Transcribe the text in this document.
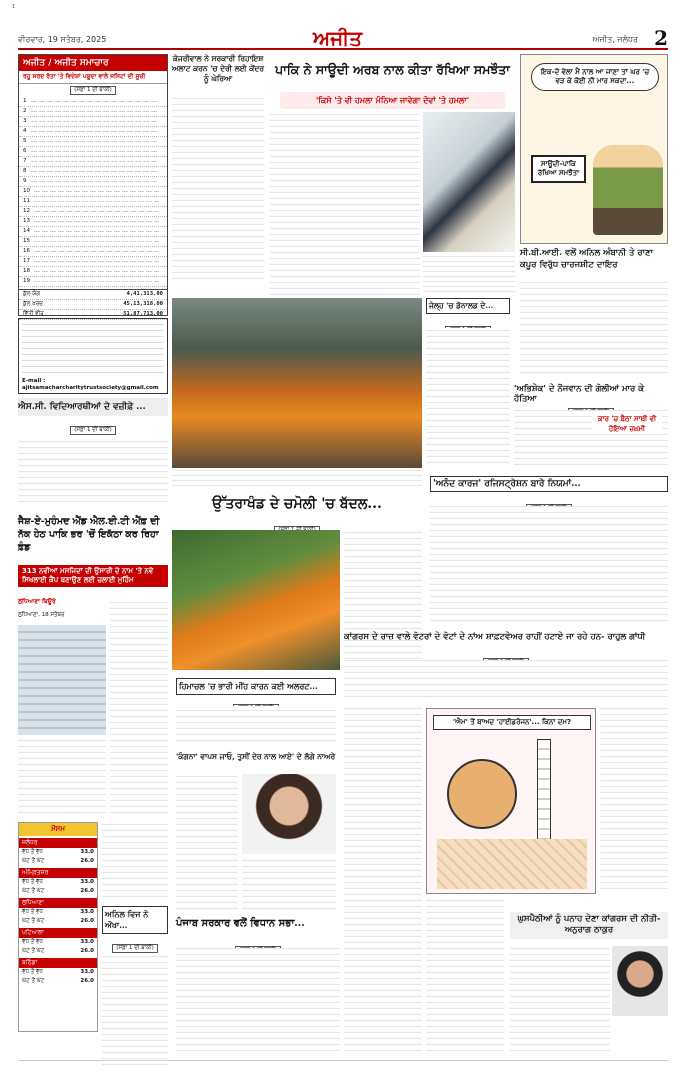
I
ਵੀਰਵਾਰ, 19 ਸਤੰਬਰ, 2025	ਅਜੀਤ	ਅਜੀਤ, ਜਲੰਧਰ 2
ਅਜੀਤ / ਅਜੀਤ ਸਮਾਚਾਰ
ਰਹੂ ਸਰਦ ਰੱਤਾ 'ਤੇ ਵਿਦੇਸ਼ਾਂ ਪਸ਼ੂਦਾ ਵਾਲੇ ਜਸਿਟਾਂ ਦੀ ਸੂਚੀ
(ਸਫ਼ਾ 1 ਦੀ ਬਾਕੀ)
1
2
3
4
5
6
7
8
9
10
11
12
13
14
15
16
17
18
19
ਕੁੱਲ ਯੋਗ	4,41,313.00
ਕੁੱਲ ਖ਼ਰਚ	45,13,318.00
ਵਿੱਤੀ ਵੀਰ	51,87,713.00
E-mail : ajitsamacharcharitytrustsociety@gmail.com
ਐਸ.ਸੀ. ਵਿਦਿਆਰਥੀਆਂ ਦੇ ਵਜ਼ੀਫ਼ੇ ...
(ਸਫ਼ਾ 1 ਦੀ ਬਾਕੀ)
ਜੈਸ਼-ਏ-ਮੁਹੰਮਦ ਐਂਡ ਐਲ.ਈ.ਟੀ ਐਂਫ਼ ਦੀ ਨੱਕ ਹੇਠ ਪਾਕਿ ਭਰ 'ਚੋਂ ਇਕੱਠਾ ਕਰ ਰਿਹਾ ਫ਼ੰਡ
313 ਨਵੀਆਂ ਮਸਜਿਦਾਂ ਦੀ ਉਸਾਰੀ ਦੇ ਨਾਮ 'ਤੇ ਨਵੇਂ ਸਿਖਲਾਈ ਕੈਂਪ ਬਣਾਉਣ ਲਈ ਚਲਾਈ ਮੁਹਿੰਮ
ਲੁਧਿਆਣਾ ਬਿਊਰੋ
ਲੁਧਿਆਣਾ, 18 ਸਤੰਬਰ
ਮੌਸਮ
ਜਲੰਧਰ
ਵੱਧ ਤੋਂ ਵੱਧ	33.0
ਘੱਟ ਤੋਂ ਘੱਟ	26.0
ਅੰਮ੍ਰਿਤਸਰ
ਵੱਧ ਤੋਂ ਵੱਧ	33.0
ਘੱਟ ਤੋਂ ਘੱਟ	26.0
ਲੁਧਿਆਣਾ
ਵੱਧ ਤੋਂ ਵੱਧ	33.0
ਘੱਟ ਤੋਂ ਘੱਟ	26.0
ਪਟਿਆਲਾ
ਵੱਧ ਤੋਂ ਵੱਧ	33.0
ਘੱਟ ਤੋਂ ਘੱਟ	26.0
ਬਠਿੰਡਾ
ਵੱਧ ਤੋਂ ਵੱਧ	33.0
ਘੱਟ ਤੋਂ ਘੱਟ	26.0
ਅਨਿਲ ਵਿਜ ਨੇ ਔਖਾ...
(ਸਫ਼ਾ 1 ਦੀ ਬਾਕੀ)
ਕੇਜਰੀਵਾਲ ਨੇ ਸਰਕਾਰੀ ਰਿਹਾਇਸ਼ ਅਲਾਟ ਕਰਨ 'ਚ ਦੇਰੀ ਲਈ ਕੇਂਦਰ ਨੂੰ ਘੇਰਿਆ
ਪਾਕਿ ਨੇ ਸਾਊਦੀ ਅਰਬ ਨਾਲ ਕੀਤਾ ਰੱਖਿਆ ਸਮਝੌਤਾ
'ਕਿਸੇ 'ਤੇ ਵੀ ਹਮਲਾ ਮੰਨਿਆ ਜਾਵੇਗਾ ਦੋਵਾਂ 'ਤੇ ਹਮਲਾ'
ਉੱਤਰਾਖੰਡ ਦੇ ਚਮੋਲੀ 'ਚ ਬੱਦਲ...
ਜੇਲ੍ਹ 'ਚ ਡੋਨਾਲਡ ਦੇ...
ਇਕ-ਦੋ ਵੇਲਾ ਮੈਂ ਨਾਲ ਆ ਜਾਣਾ ਤਾਂ ਘਰ 'ਚ ਵੜ ਕੇ ਕੋਈ ਨੀ ਮਾਰ ਸਕਦਾ...
ਸਾਊਦੀ-ਪਾਕਿ ਰੱਖਿਆ ਸਮਝੌਤਾ
ਸੀ.ਬੀ.ਆਈ. ਵਲੋਂ ਅਨਿਲ ਅੰਬਾਨੀ ਤੇ ਰਾਣਾ ਕਪੂਰ ਵਿਰੁੱਧ ਚਾਰਜਸ਼ੀਟ ਦਾਇਰ
'ਅਭਿਸ਼ੇਕ' ਦੇ ਨੌਜਵਾਨ ਦੀ ਗੋਲੀਆਂ ਮਾਰ ਕੇ ਹੱਤਿਆ
ਕਾਰ 'ਚ ਬੈਠਾ ਸਾਥੀ ਵੀ ਹੋਇਆ ਜ਼ਖ਼ਮੀ
'ਅਨੰਦ ਕਾਰਜ' ਰਜਿਸਟ੍ਰੇਸ਼ਨ ਬਾਰੇ ਨਿਯਮਾਂ...
ਕਾਂਗਰਸ ਦੇ ਰਾਜ਼ ਵਾਲੇ ਵੋਟਰਾਂ ਦੇ ਵੋਟਾਂ ਦੇ ਨਾਂਅ ਸਾਫ਼ਟਵੇਅਰ ਰਾਹੀਂ ਹਟਾਏ ਜਾ ਰਹੇ ਹਨ- ਰਾਹੁਲ ਗਾਂਧੀ
ਹਿਮਾਚਲ 'ਚ ਭਾਰੀ ਮੀਂਹ ਕਾਰਨ ਕਈ ਅਲਰਟ...
'ਕੰਗਨਾ' ਵਾਪਸ ਜਾਓ, ਤੁਸੀਂ ਦੇਰ ਨਾਲ ਆਏ' ਦੇ ਲੱਗੇ ਨਾਅਰੇ
ਪੰਜਾਬ ਸਰਕਾਰ ਵਲੋਂ ਵਿਧਾਨ ਸਭਾ...
'ਐਮ' ਤੋਂ ਬਾਅਦ 'ਹਾਈਡਰੋਜਨ'... ਕਿਨਾ ਦਮ?
ਘੁਸਪੈਠੀਆਂ ਨੂੰ ਪਨਾਹ ਦੇਣਾ ਕਾਂਗਰਸ ਦੀ ਨੀਤੀ- ਅਨੁਰਾਗ ਠਾਕੁਰ
